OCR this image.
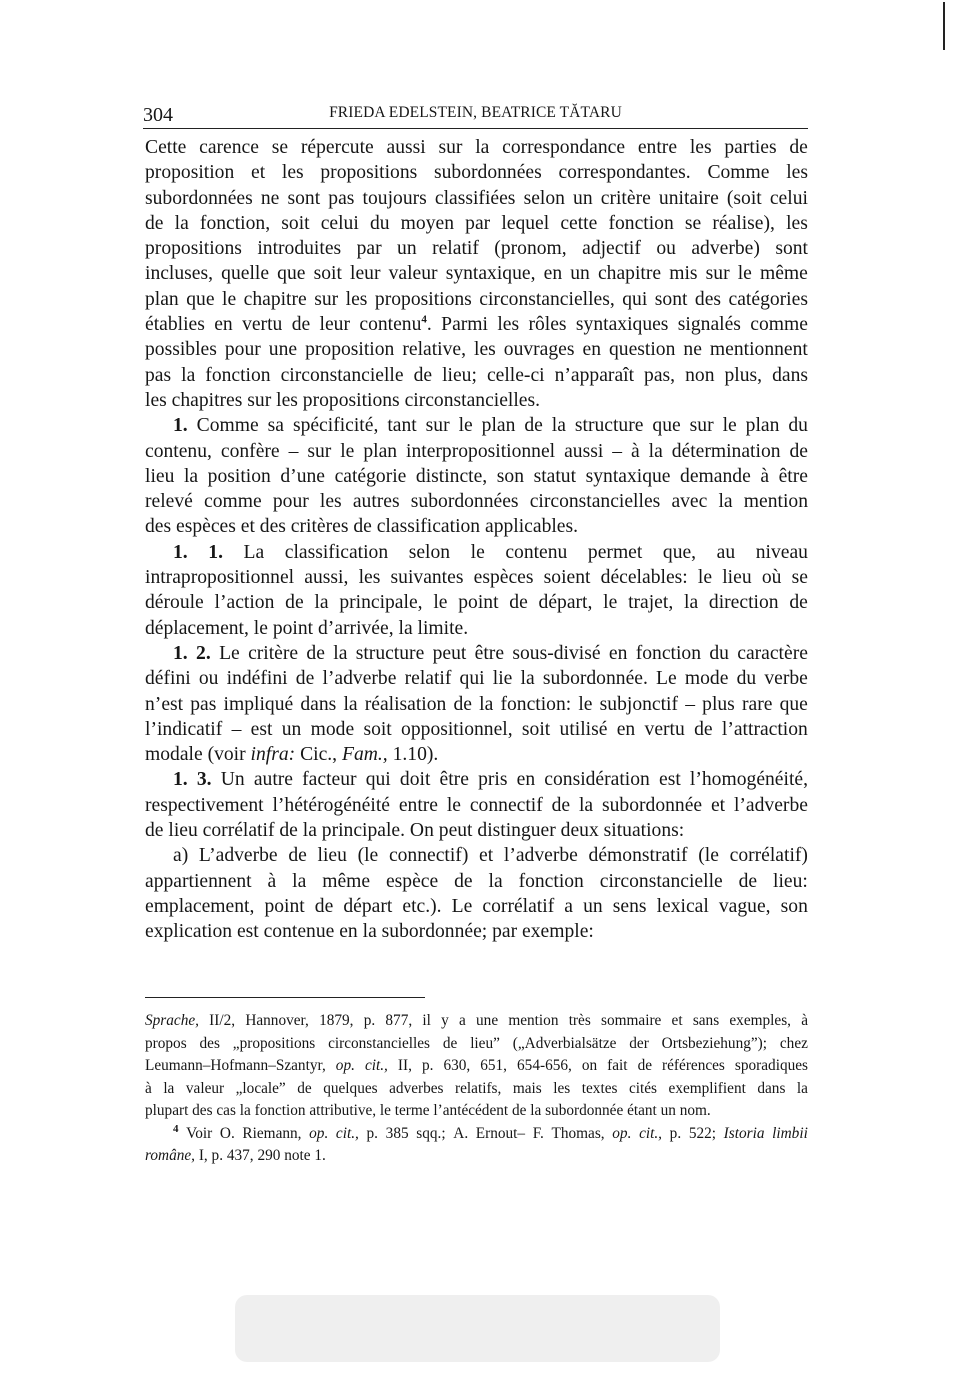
304	FRIEDA EDELSTEIN, BEATRICE TĂTARU
Cette carence se répercute aussi sur la correspondance entre les parties de
proposition et les propositions subordonnées correspondantes. Comme les
subordonnées ne sont pas toujours classifiées selon un critère unitaire (soit celui
de la fonction, soit celui du moyen par lequel cette fonction se réalise), les
propositions introduites par un relatif (pronom, adjectif ou adverbe) sont
incluses, quelle que soit leur valeur syntaxique, en un chapitre mis sur le même
plan que le chapitre sur les propositions circonstancielles, qui sont des catégories
établies en vertu de leur contenu$^4$. Parmi les rôles syntaxiques signalés comme
possibles pour une proposition relative, les ouvrages en question ne mentionnent
pas la fonction circonstancielle de lieu; celle-ci n’apparaît pas, non plus, dans
les chapitres sur les propositions circonstancielles.
1. Comme sa spécificité, tant sur le plan de la structure que sur le plan du
contenu, confère – sur le plan interpropositionnel aussi – à la détermination de
lieu la position d’une catégorie distincte, son statut syntaxique demande à être
relevé comme pour les autres subordonnées circonstancielles avec la mention
des espèces et des critères de classification applicables.
1. 1. La classification selon le contenu permet que, au niveau
intrapropositionnel aussi, les suivantes espèces soient décelables: le lieu où se
déroule l’action de la principale, le point de départ, le trajet, la direction de
déplacement, le point d’arrivée, la limite.
1. 2. Le critère de la structure peut être sous-divisé en fonction du caractère
défini ou indéfini de l’adverbe relatif qui lie la subordonnée. Le mode du verbe
n’est pas impliqué dans la réalisation de la fonction: le subjonctif – plus rare que
l’indicatif – est un mode soit oppositionnel, soit utilisé en vertu de l’attraction
modale (voir infra: Cic., Fam., 1.10).
1. 3. Un autre facteur qui doit être pris en considération est l’homogénéité,
respectivement l’hétérogénéité entre le connectif de la subordonnée et l’adverbe
de lieu corrélatif de la principale. On peut distinguer deux situations:
a) L’adverbe de lieu (le connectif) et l’adverbe démonstratif (le corrélatif)
appartiennent à la même espèce de la fonction circonstancielle de lieu:
emplacement, point de départ etc.). Le corrélatif a un sens lexical vague, son
explication est contenue en la subordonnée; par exemple:
Sprache, II/2, Hannover, 1879, p. 877, il y a une mention très sommaire et sans exemples, à
propos des „propositions circonstancielles de lieu” („Adverbialsätze der Ortsbeziehung”); chez
Leumann–Hofmann–Szantyr, op. cit., II, p. 630, 651, 654-656, on fait de références sporadiques
à la valeur „locale” de quelques adverbes relatifs, mais les textes cités exemplifient dans la
plupart des cas la fonction attributive, le terme l’antécédent de la subordonnée étant un nom.
$^4$ Voir O. Riemann, op. cit., p. 385 sqq.; A. Ernout– F. Thomas, op. cit., p. 522; Istoria limbii
române, I, p. 437, 290 note 1.
